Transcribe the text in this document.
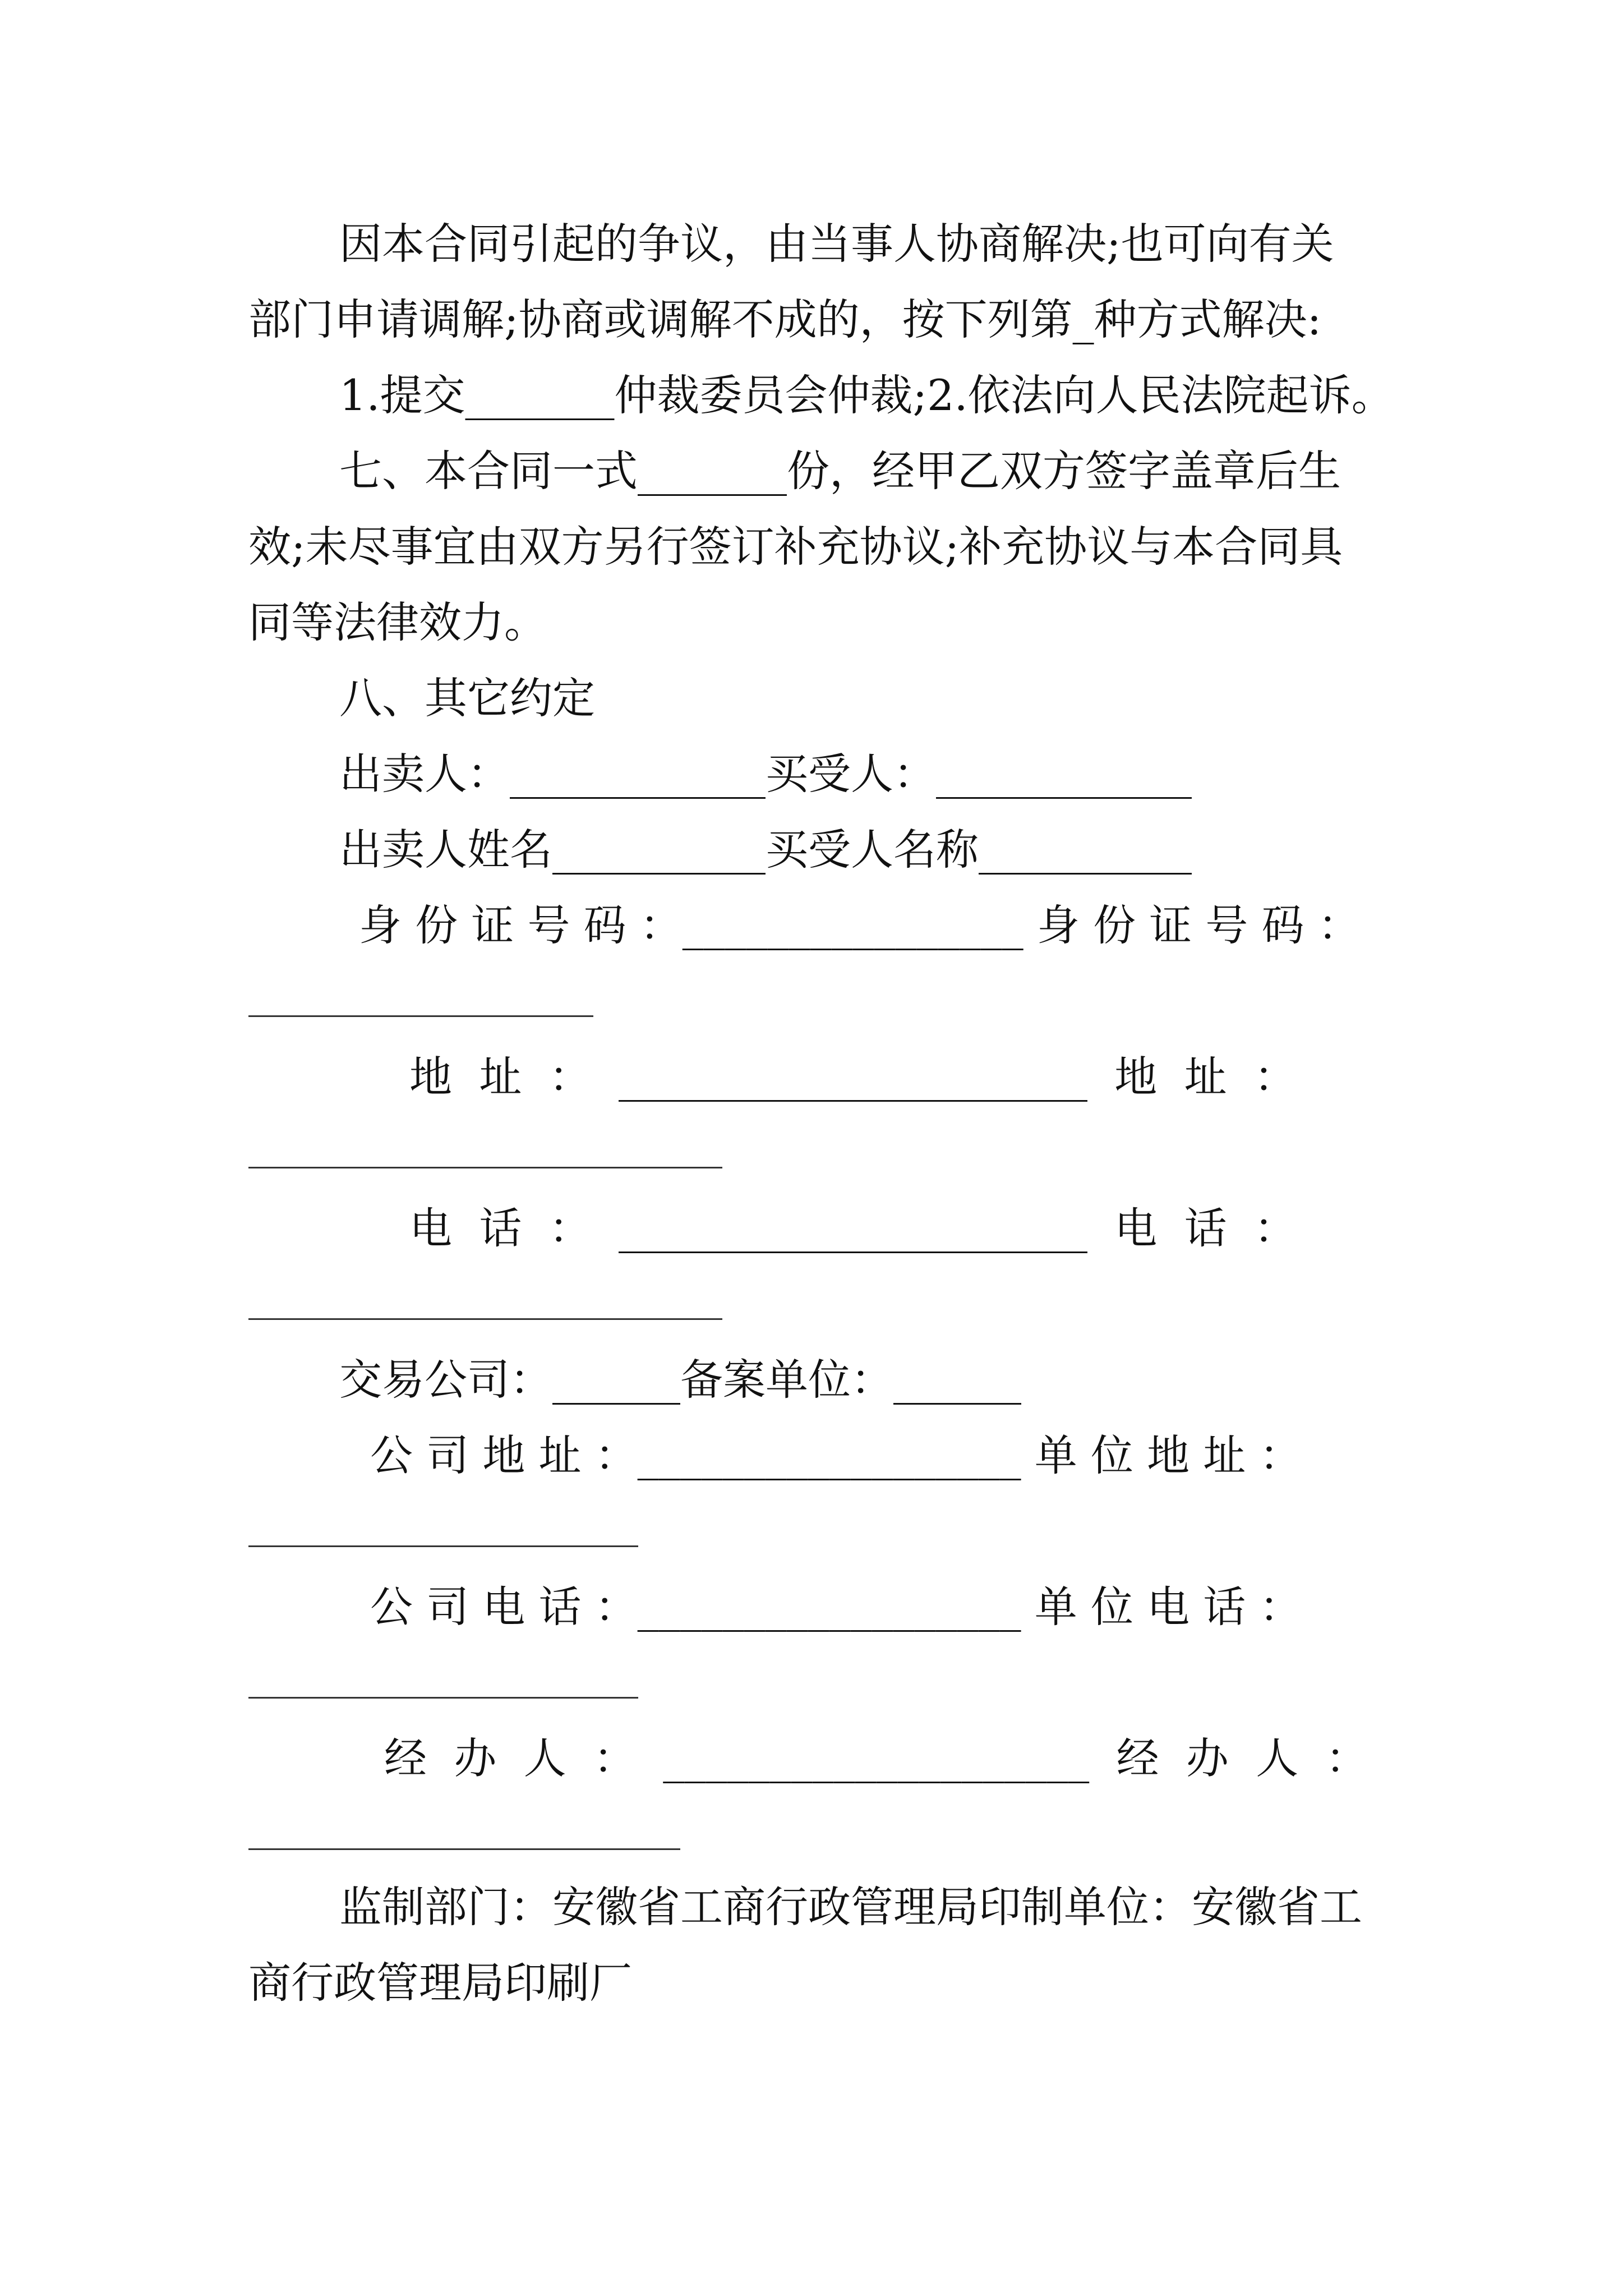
因本合同引起的争议，由当事人协商解决;也可向有关
部门申请调解;协商或调解不成的，按下列第_种方式解决:
1.提交_______仲裁委员会仲裁;2.依法向人民法院起诉。
七、本合同一式_______份，经甲乙双方签字盖章后生
效;未尽事宜由双方另行签订补充协议;补充协议与本合同具
同等法律效力。
八、其它约定
出卖人：____________买受人：____________
出卖人姓名__________买受人名称__________
身 份 证 号 码 ：________________ 身 份 证 号 码 ：
地  址  ：  ______________________  地  址  ：
电  话  ：  ______________________  电  话  ：
交易公司：______备案单位：______
公 司 地 址 ：__________________ 单 位 地 址 ：
公 司 电 话 ：__________________ 单 位 电 话 ：
经  办  人  ：  ____________________  经  办  人  ：
监制部门：安徽省工商行政管理局印制单位：安徽省工
商行政管理局印刷厂
